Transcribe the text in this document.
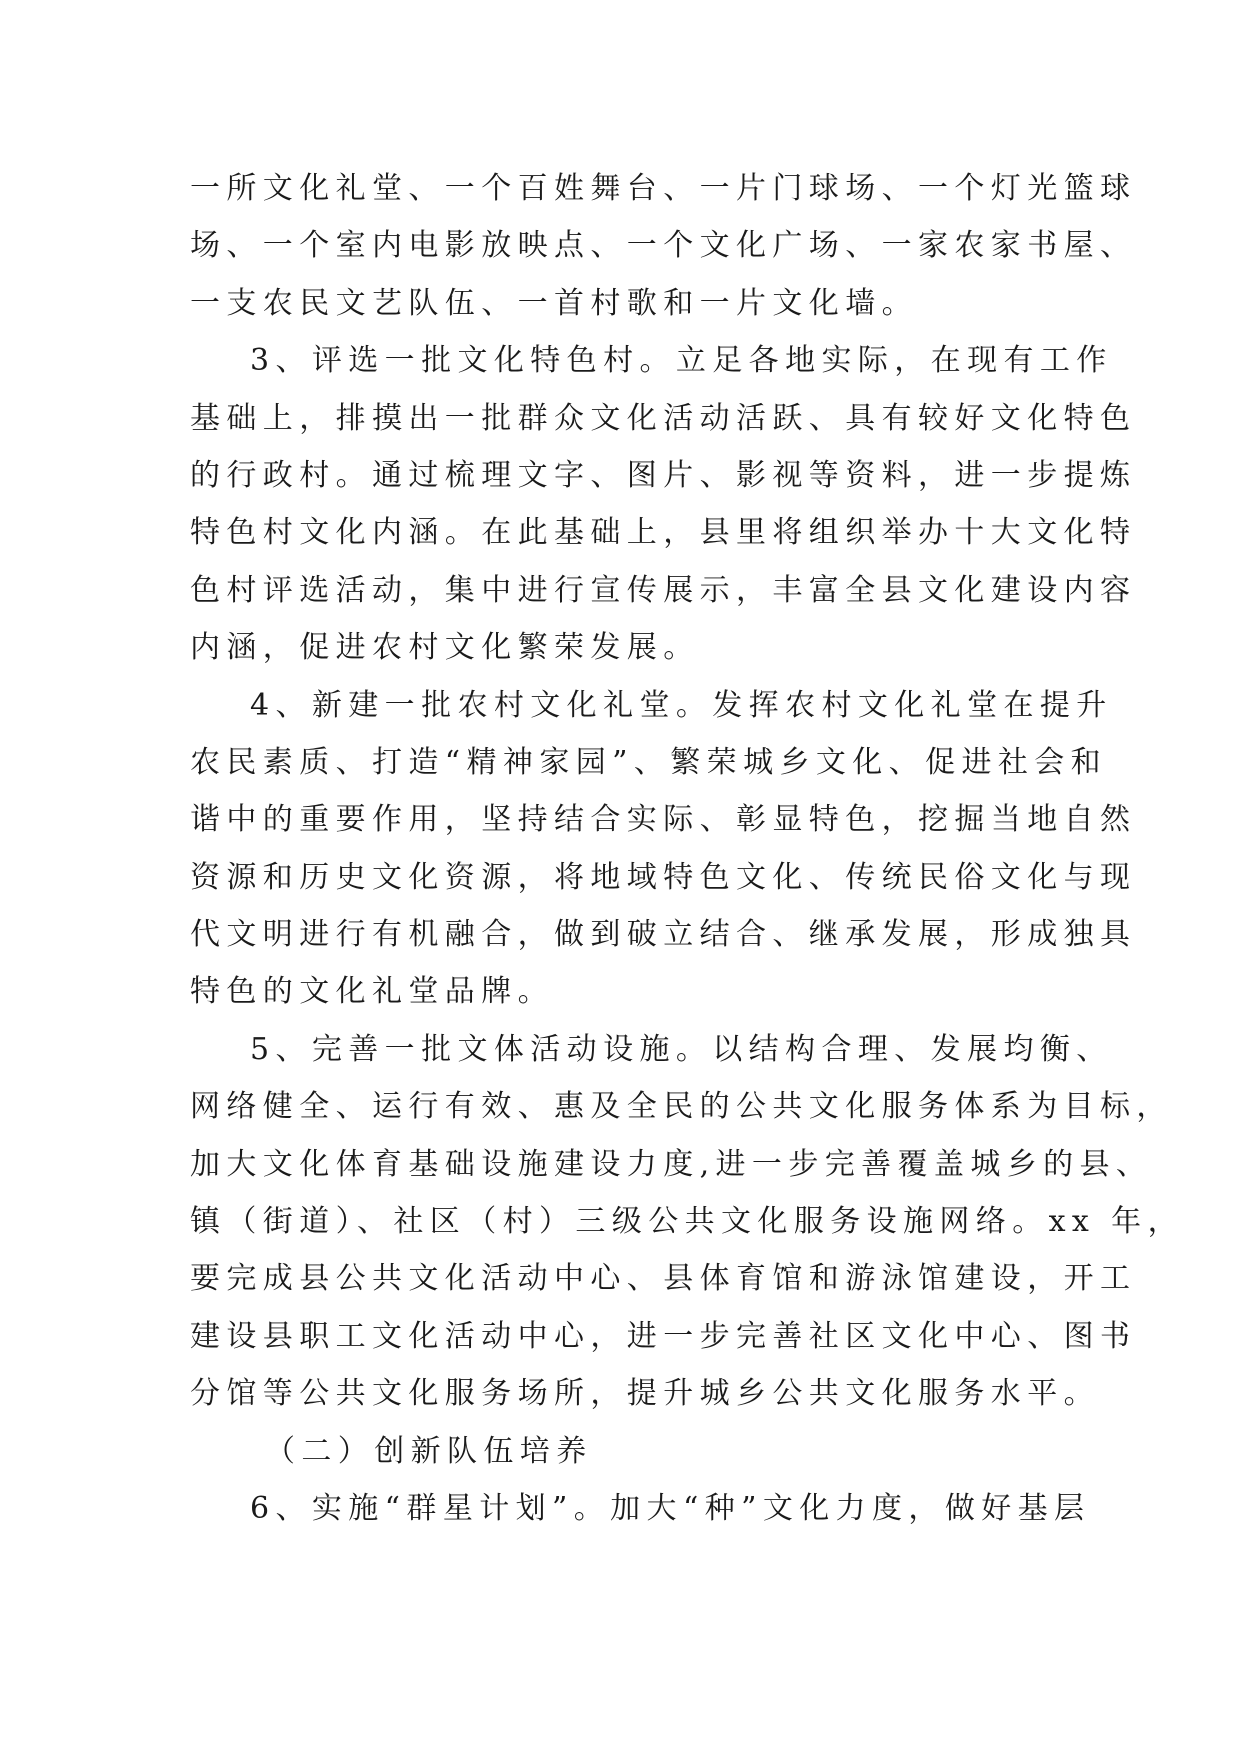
一所文化礼堂、一个百姓舞台、一片门球场、一个灯光篮球
场、一个室内电影放映点、一个文化广场、一家农家书屋、
一支农民文艺队伍、一首村歌和一片文化墙。
3、评选一批文化特色村。立足各地实际，在现有工作
基础上，排摸出一批群众文化活动活跃、具有较好文化特色
的行政村。通过梳理文字、图片、影视等资料，进一步提炼
特色村文化内涵。在此基础上，县里将组织举办十大文化特
色村评选活动，集中进行宣传展示，丰富全县文化建设内容
内涵，促进农村文化繁荣发展。
4、新建一批农村文化礼堂。发挥农村文化礼堂在提升
农民素质、打造“精神家园”、繁荣城乡文化、促进社会和
谐中的重要作用，坚持结合实际、彰显特色，挖掘当地自然
资源和历史文化资源，将地域特色文化、传统民俗文化与现
代文明进行有机融合，做到破立结合、继承发展，形成独具
特色的文化礼堂品牌。
5、完善一批文体活动设施。以结构合理、发展均衡、
网络健全、运行有效、惠及全民的公共文化服务体系为目标，
加大文化体育基础设施建设力度,进一步完善覆盖城乡的县、
镇（街道）、社区（村）三级公共文化服务设施网络。xx 年，
要完成县公共文化活动中心、县体育馆和游泳馆建设，开工
建设县职工文化活动中心，进一步完善社区文化中心、图书
分馆等公共文化服务场所，提升城乡公共文化服务水平。
（二）创新队伍培养
6、实施“群星计划”。加大“种”文化力度，做好基层
